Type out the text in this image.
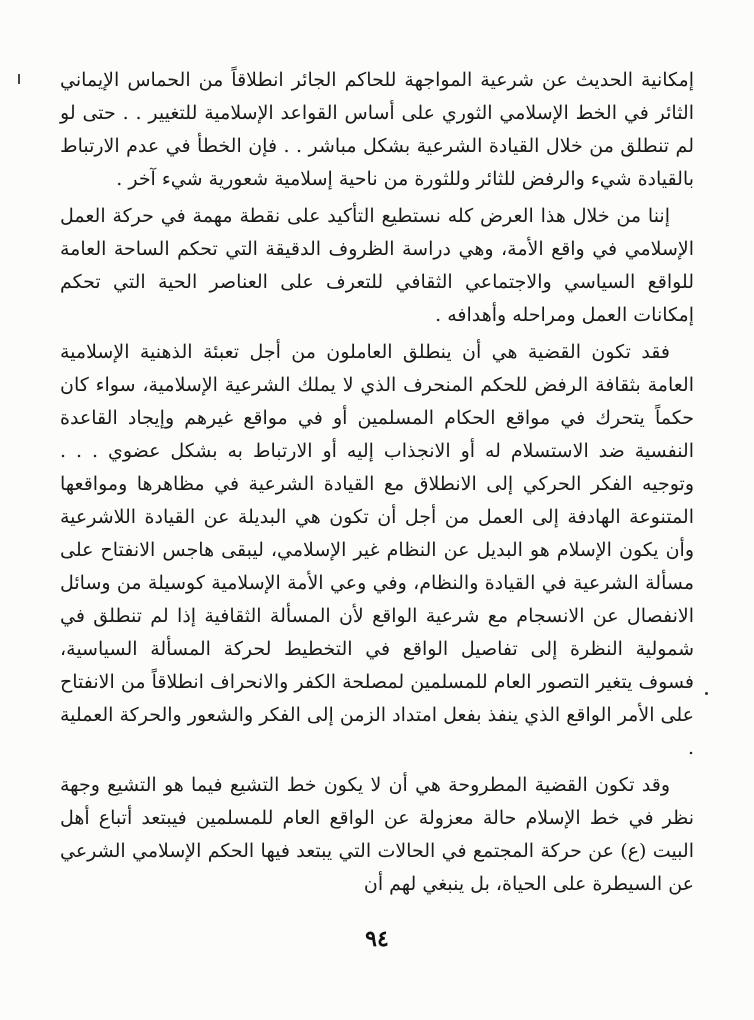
إمكانية الحديث عن شرعية المواجهة للحاكم الجائر انطلاقاً من الحماس الإيماني الثائر في الخط الإسلامي الثوري على أساس القواعد الإسلامية للتغيير . . حتى لو لم تنطلق من خلال القيادة الشرعية بشكل مباشر . . فإن الخطأ في عدم الارتباط بالقيادة شيء والرفض للثائر وللثورة من ناحية إسلامية شعورية شيء آخر .

إننا من خلال هذا العرض كله نستطيع التأكيد على نقطة مهمة في حركة العمل الإسلامي في واقع الأمة، وهي دراسة الظروف الدقيقة التي تحكم الساحة العامة للواقع السياسي والاجتماعي الثقافي للتعرف على العناصر الحية التي تحكم إمكانات العمل ومراحله وأهدافه .

فقد تكون القضية هي أن ينطلق العاملون من أجل تعبئة الذهنية الإسلامية العامة بثقافة الرفض للحكم المنحرف الذي لا يملك الشرعية الإسلامية، سواء كان حكماً يتحرك في مواقع الحكام المسلمين أو في مواقع غيرهم وإيجاد القاعدة النفسية ضد الاستسلام له أو الانجذاب إليه أو الارتباط به بشكل عضوي . . . وتوجيه الفكر الحركي إلى الانطلاق مع القيادة الشرعية في مظاهرها ومواقعها المتنوعة الهادفة إلى العمل من أجل أن تكون هي البديلة عن القيادة اللاشرعية وأن يكون الإسلام هو البديل عن النظام غير الإسلامي، ليبقى هاجس الانفتاح على مسألة الشرعية في القيادة والنظام، وفي وعي الأمة الإسلامية كوسيلة من وسائل الانفصال عن الانسجام مع شرعية الواقع لأن المسألة الثقافية إذا لم تنطلق في شمولية النظرة إلى تفاصيل الواقع في التخطيط لحركة المسألة السياسية، فسوف يتغير التصور العام للمسلمين لمصلحة الكفر والانحراف انطلاقاً من الانفتاح على الأمر الواقع الذي ينفذ بفعل امتداد الزمن إلى الفكر والشعور والحركة العملية .

وقد تكون القضية المطروحة هي أن لا يكون خط التشيع فيما هو التشيع وجهة نظر في خط الإسلام حالة معزولة عن الواقع العام للمسلمين فيبتعد أتباع أهل البيت (ع) عن حركة المجتمع في الحالات التي يبتعد فيها الحكم الإسلامي الشرعي عن السيطرة على الحياة، بل ينبغي لهم أن

٩٤
